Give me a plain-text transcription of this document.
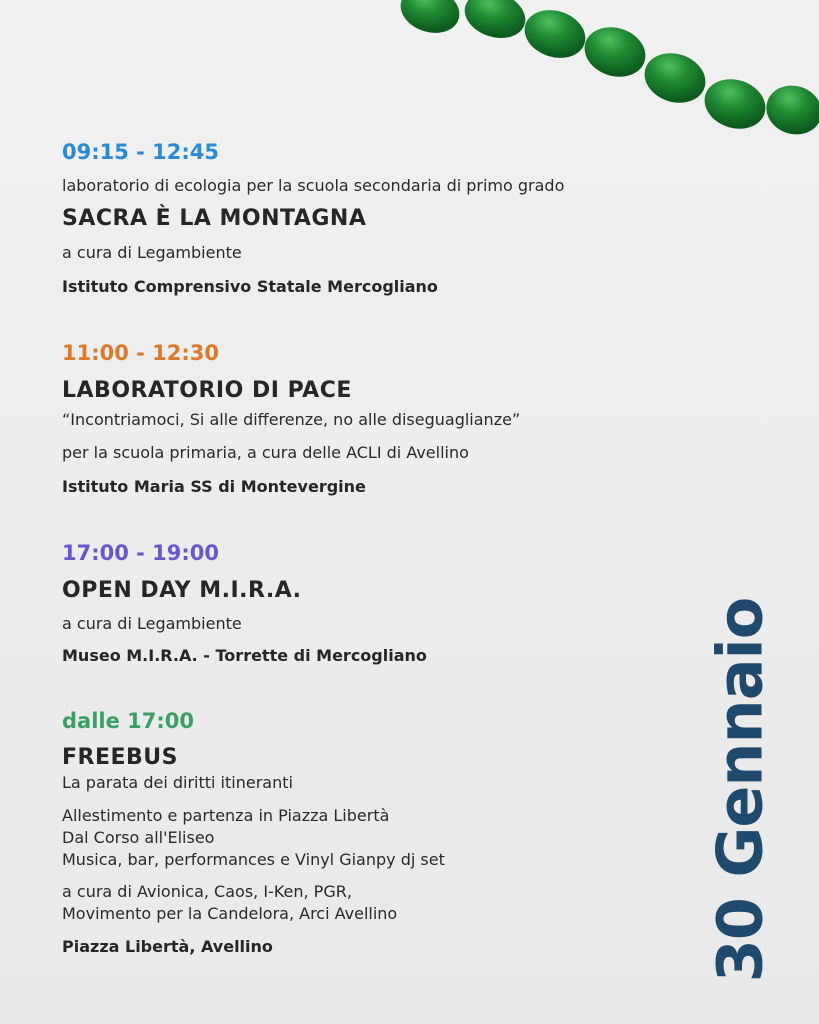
09:15 - 12:45
laboratorio di ecologia per la scuola secondaria di primo grado
SACRA È LA MONTAGNA
a cura di Legambiente
Istituto Comprensivo Statale Mercogliano
11:00 - 12:30
LABORATORIO DI PACE
“Incontriamoci, Si alle differenze, no alle diseguaglianze”
per la scuola primaria, a cura delle ACLI di Avellino
Istituto Maria SS di Montevergine
17:00 - 19:00
OPEN DAY M.I.R.A.
a cura di Legambiente
Museo M.I.R.A. - Torrette di Mercogliano
dalle 17:00
FREEBUS
La parata dei diritti itineranti
Allestimento e partenza in Piazza Libertà
Dal Corso all'Eliseo
Musica, bar, performances e Vinyl Gianpy dj set
a cura di Avionica, Caos, I-Ken, PGR,
Movimento per la Candelora, Arci Avellino
Piazza Libertà, Avellino	30 Gennaio
